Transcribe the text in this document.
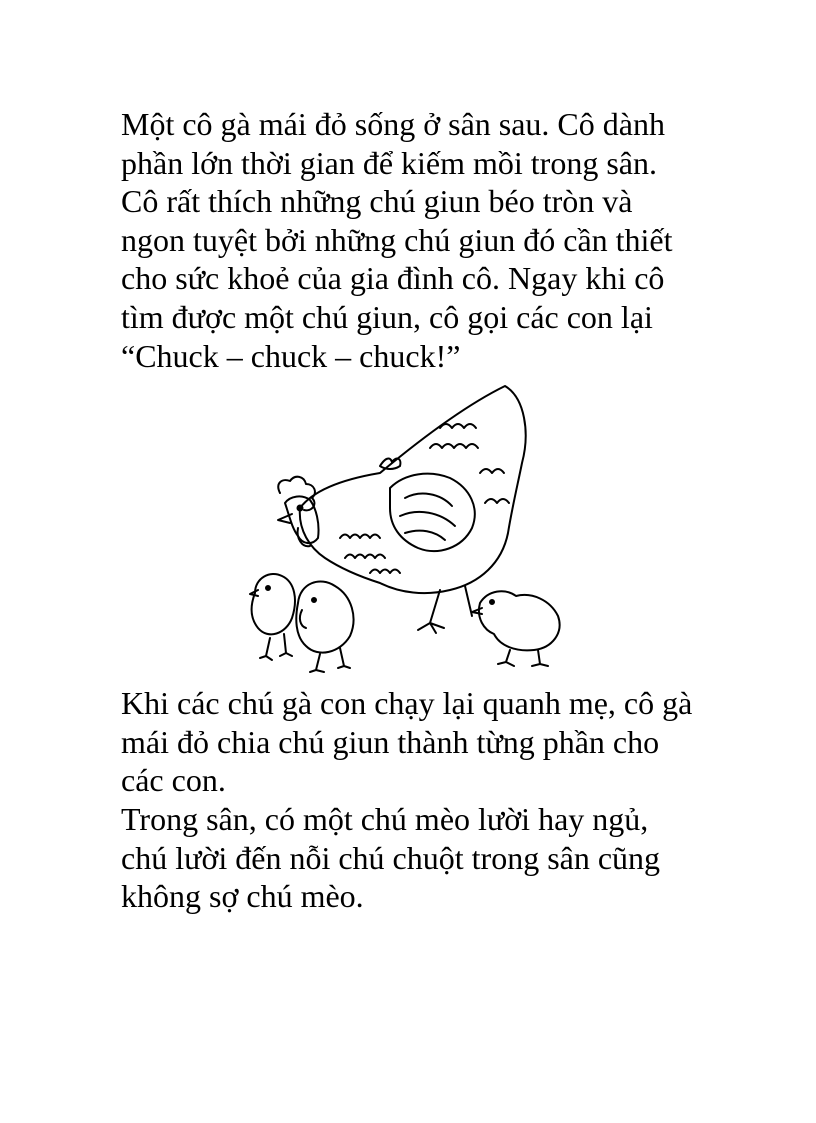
Một cô gà mái đỏ sống ở sân sau. Cô dành
phần lớn thời gian để kiếm mồi trong sân.
Cô rất thích những chú giun béo tròn và
ngon tuyệt bởi những chú giun đó cần thiết
cho sức khoẻ của gia đình cô. Ngay khi cô
tìm được một chú giun, cô gọi các con lại
“Chuck – chuck – chuck!”

Khi các chú gà con chạy lại quanh mẹ, cô gà
mái đỏ chia chú giun thành từng phần cho
các con.

Trong sân, có một chú mèo lười hay ngủ,
chú lười đến nỗi chú chuột trong sân cũng
không sợ chú mèo.
